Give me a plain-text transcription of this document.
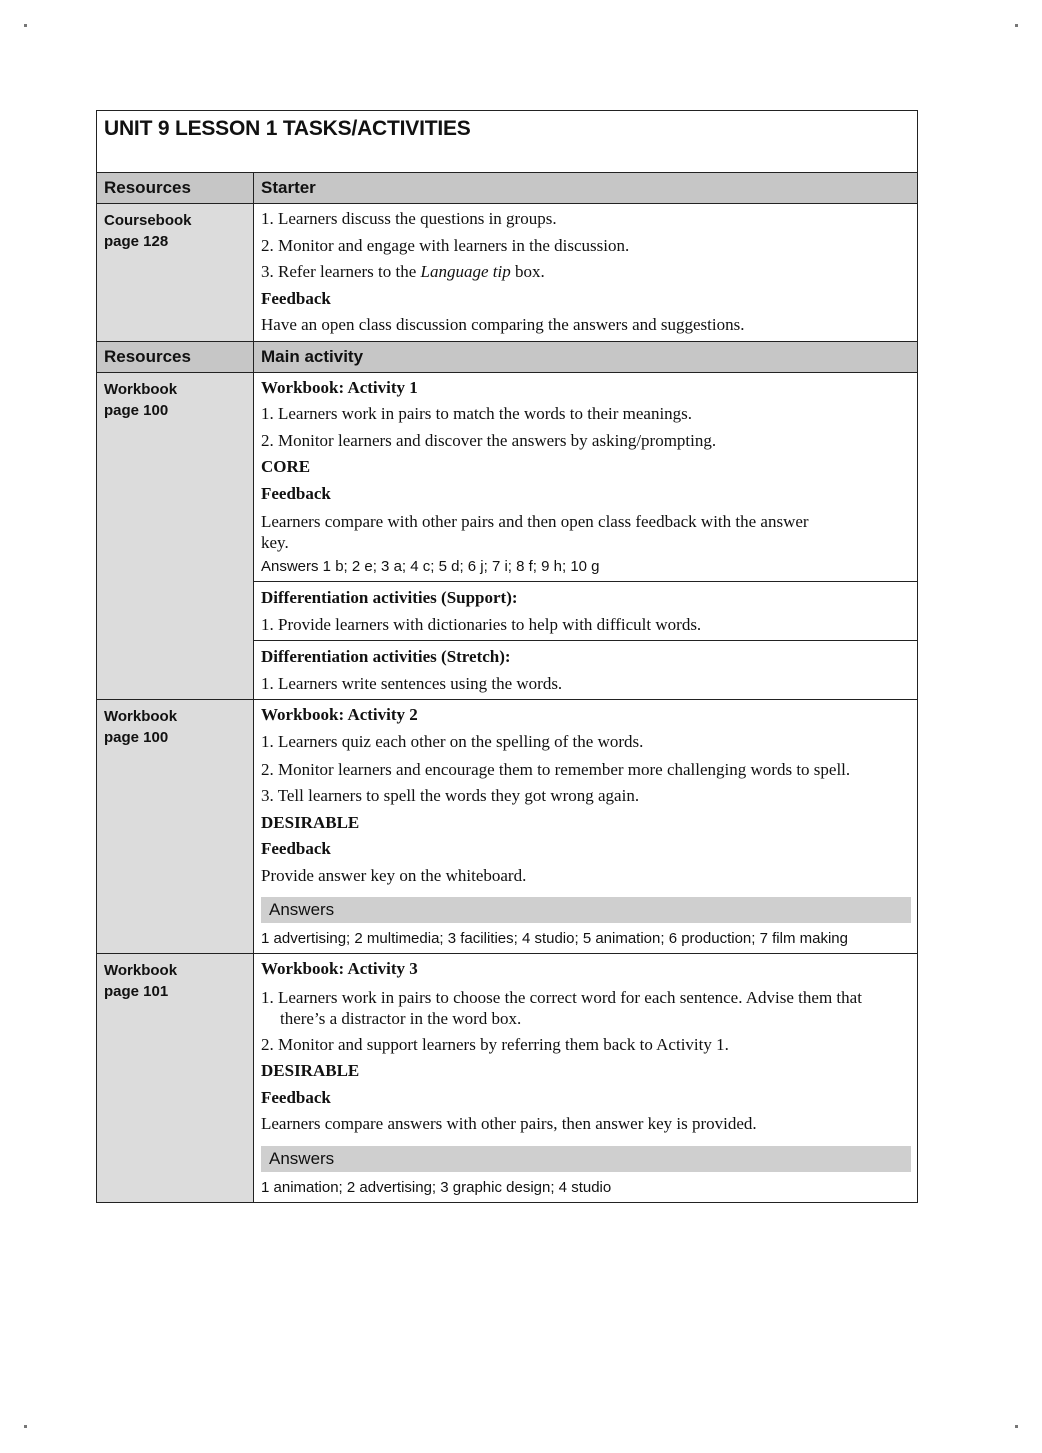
UNIT 9 LESSON 1 TASKS/ACTIVITIES
Resources	Starter
Coursebook
page 128
1. Learners discuss the questions in groups.
2. Monitor and engage with learners in the discussion.
3. Refer learners to the Language tip box.
Feedback
Have an open class discussion comparing the answers and suggestions.
Resources	Main activity
Workbook
page 100
Workbook: Activity 1
1. Learners work in pairs to match the words to their meanings.
2. Monitor learners and discover the answers by asking/prompting.
CORE
Feedback
Learners compare with other pairs and then open class feedback with the answer key.
Answers 1 b; 2 e; 3 a; 4 c; 5 d; 6 j; 7 i; 8 f; 9 h; 10 g
Differentiation activities (Support):
1. Provide learners with dictionaries to help with difficult words.
Differentiation activities (Stretch):
1. Learners write sentences using the words.
Workbook
page 100
Workbook: Activity 2
1. Learners quiz each other on the spelling of the words.
2. Monitor learners and encourage them to remember more challenging words to spell.
3. Tell learners to spell the words they got wrong again.
DESIRABLE
Feedback
Provide answer key on the whiteboard.
Answers
1 advertising; 2 multimedia; 3 facilities; 4 studio; 5 animation; 6 production; 7 film making
Workbook
page 101
Workbook: Activity 3
1. Learners work in pairs to choose the correct word for each sentence. Advise them that there’s a distractor in the word box.
2. Monitor and support learners by referring them back to Activity 1.
DESIRABLE
Feedback
Learners compare answers with other pairs, then answer key is provided.
Answers
1 animation; 2 advertising; 3 graphic design; 4 studio
